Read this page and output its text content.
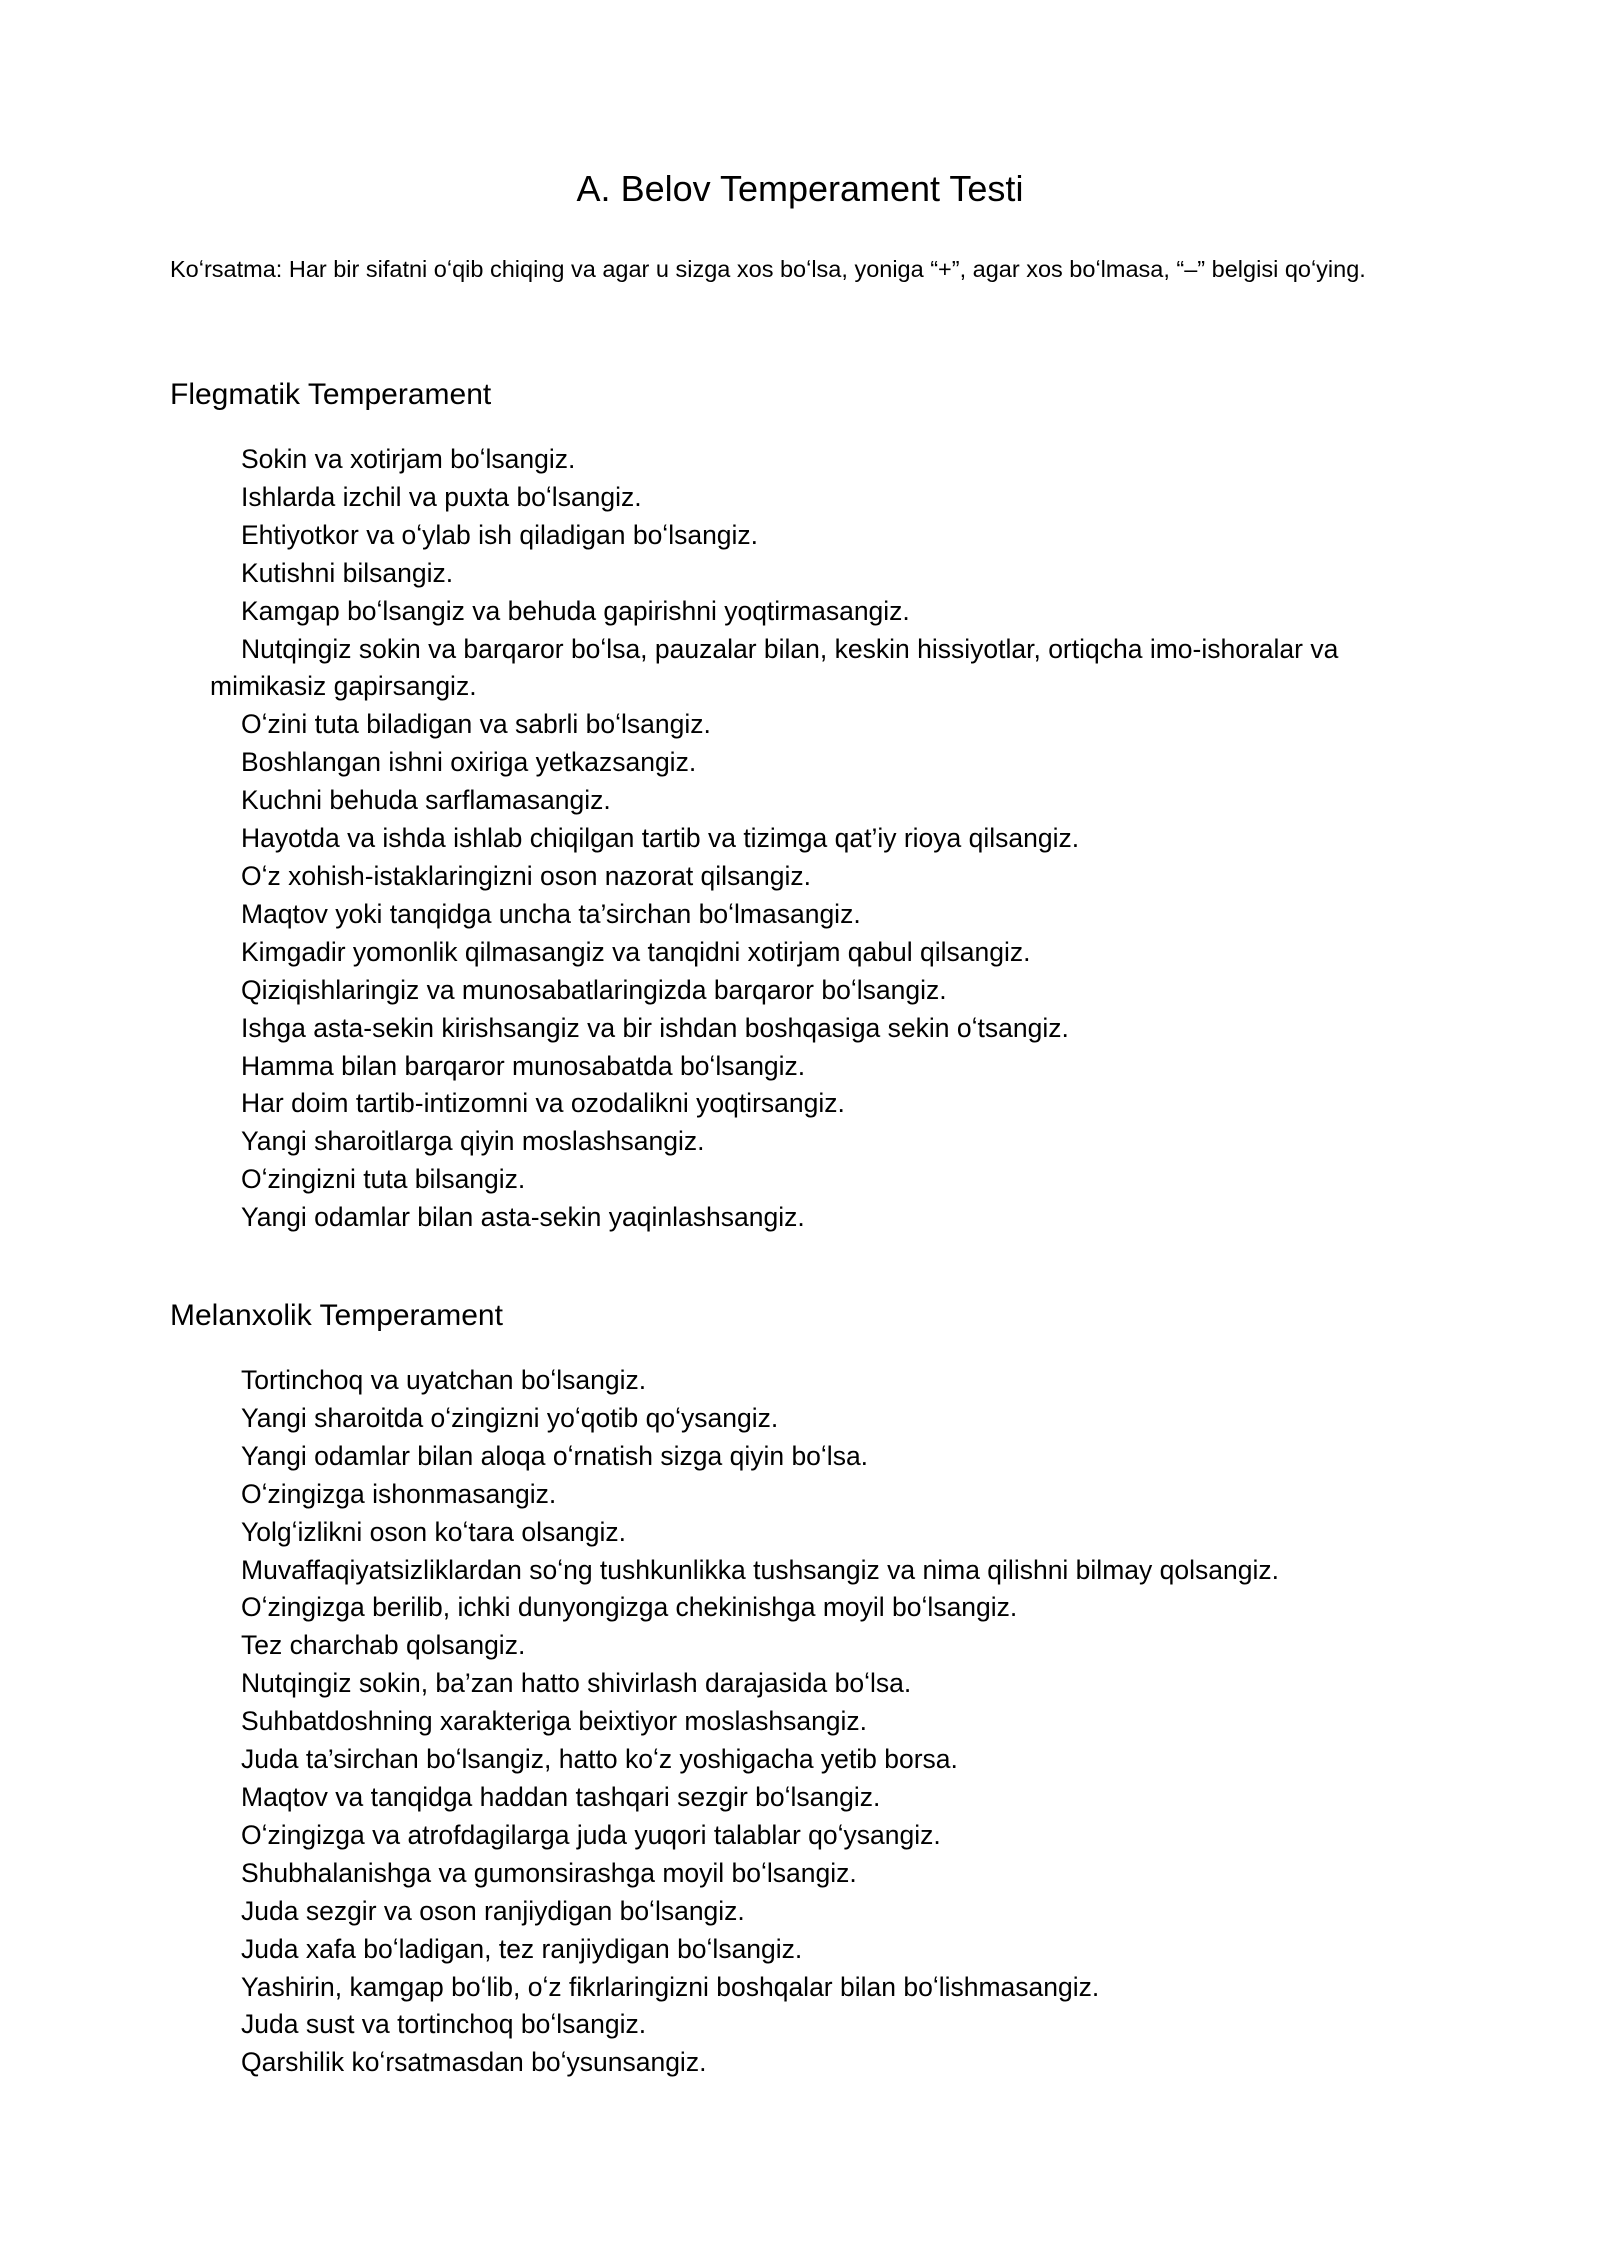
A. Belov Temperament Testi

Koʻrsatma: Har bir sifatni oʻqib chiqing va agar u sizga xos boʻlsa, yoniga “+”, agar xos boʻlmasa, “–” belgisi qoʻying.

Flegmatik Temperament
Sokin va xotirjam boʻlsangiz.
Ishlarda izchil va puxta boʻlsangiz.
Ehtiyotkor va oʻylab ish qiladigan boʻlsangiz.
Kutishni bilsangiz.
Kamgap boʻlsangiz va behuda gapirishni yoqtirmasangiz.
Nutqingiz sokin va barqaror boʻlsa, pauzalar bilan, keskin hissiyotlar, ortiqcha imo-ishoralar va mimikasiz gapirsangiz.
Oʻzini tuta biladigan va sabrli boʻlsangiz.
Boshlangan ishni oxiriga yetkazsangiz.
Kuchni behuda sarflamasangiz.
Hayotda va ishda ishlab chiqilgan tartib va tizimga qat’iy rioya qilsangiz.
Oʻz xohish-istaklaringizni oson nazorat qilsangiz.
Maqtov yoki tanqidga uncha ta’sirchan boʻlmasangiz.
Kimgadir yomonlik qilmasangiz va tanqidni xotirjam qabul qilsangiz.
Qiziqishlaringiz va munosabatlaringizda barqaror boʻlsangiz.
Ishga asta-sekin kirishsangiz va bir ishdan boshqasiga sekin oʻtsangiz.
Hamma bilan barqaror munosabatda boʻlsangiz.
Har doim tartib-intizomni va ozodalikni yoqtirsangiz.
Yangi sharoitlarga qiyin moslashsangiz.
Oʻzingizni tuta bilsangiz.
Yangi odamlar bilan asta-sekin yaqinlashsangiz.
Melanxolik Temperament
Tortinchoq va uyatchan boʻlsangiz.
Yangi sharoitda oʻzingizni yoʻqotib qoʻysangiz.
Yangi odamlar bilan aloqa oʻrnatish sizga qiyin boʻlsa.
Oʻzingizga ishonmasangiz.
Yolgʻizlikni oson koʻtara olsangiz.
Muvaffaqiyatsizliklardan soʻng tushkunlikka tushsangiz va nima qilishni bilmay qolsangiz.
Oʻzingizga berilib, ichki dunyongizga chekinishga moyil boʻlsangiz.
Tez charchab qolsangiz.
Nutqingiz sokin, ba’zan hatto shivirlash darajasida boʻlsa.
Suhbatdoshning xarakteriga beixtiyor moslashsangiz.
Juda ta’sirchan boʻlsangiz, hatto koʻz yoshigacha yetib borsa.
Maqtov va tanqidga haddan tashqari sezgir boʻlsangiz.
Oʻzingizga va atrofdagilarga juda yuqori talablar qoʻysangiz.
Shubhalanishga va gumonsirashga moyil boʻlsangiz.
Juda sezgir va oson ranjiydigan boʻlsangiz.
Juda xafa boʻladigan, tez ranjiydigan boʻlsangiz.
Yashirin, kamgap boʻlib, oʻz fikrlaringizni boshqalar bilan boʻlishmasangiz.
Juda sust va tortinchoq boʻlsangiz.
Qarshilik koʻrsatmasdan boʻysunsangiz.
